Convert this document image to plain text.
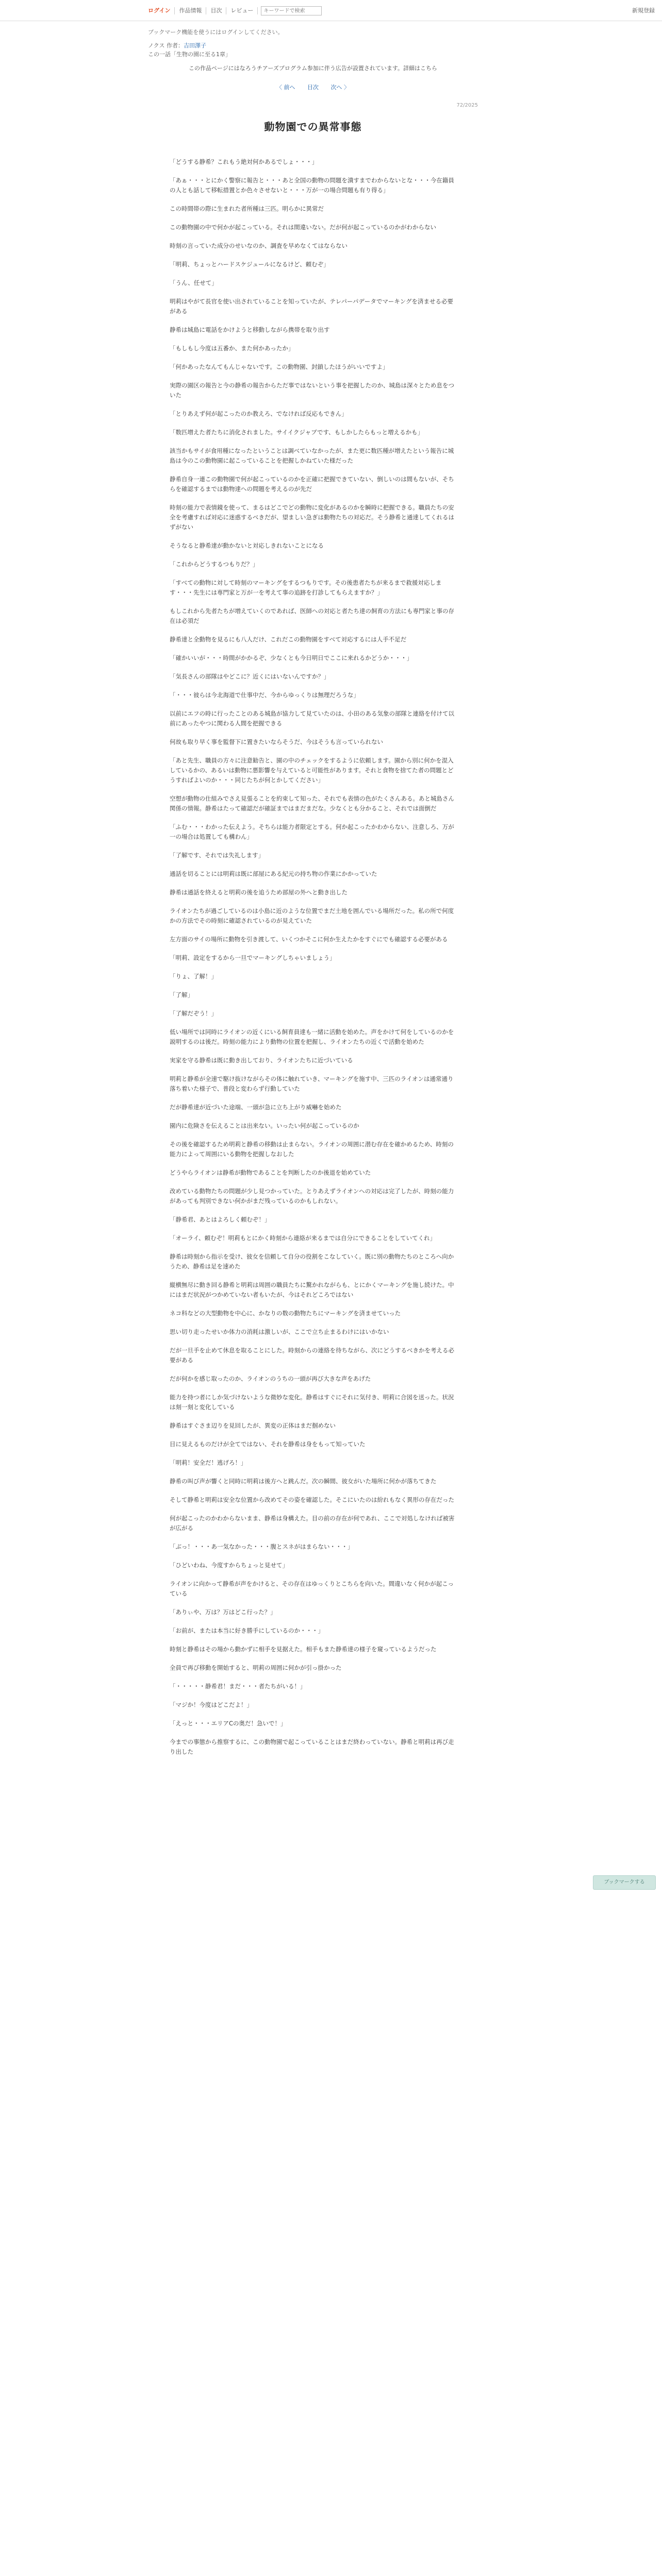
ログイン	作品情報	目次	レビュー
キーワードで検索	新規登録
ブックマーク機能を使うにはログインしてください。
ノクス 作者：吉田澤子
この一話「生物の園に至る1章」
この作品ページにはなろうチアーズプログラム参加に伴う広告が設置されています。詳細はこちら
〈 前へ 目次 次へ 〉
72/2025
動物園での異常事態

「どうする静希？これもう絶対何かあるでしょ・・・」

「あぁ・・・とにかく警察に報告と・・・あと全国の動物の問題を潰すまでわからないとな・・・今在籍員の人とも話して移転措置とか色々させないと・・・万が一の場合問題も有り得る」

この時間帯の際に生まれた者所種は三匹。明らかに異常だ

この動物園の中で何かが起こっている。それは間違いない。だが何が起こっているのかがわからない

時刻の言っていた成分のせいなのか、調査を早めなくてはならない

「明莉、ちょっとハードスケジュールになるけど、頼むぞ」

「うん、任せて」

明莉はやがて長官を使い出されていることを知っていたが、テレパーパデータでマーキングを済ませる必要がある

静希は城島に電話をかけようと移動しながら携帯を取り出す

「もしもし今度は五番か、また何かあったか」

「何かあったなんてもんじゃないです。この動物園、封鎖したほうがいいですよ」

実際の園区の報告と今の静希の報告からただ事ではないという事を把握したのか、城島は深々とため息をついた

「とりあえず何が起こったのか教えろ、でなければ反応もできん」

「数匹増えた者たちに消化されました。サイイクジャブです、もしかしたらもっと増えるかも」

該当かもサイが食用種になったということは調べていなかったが、また更に数匹種が増えたという報告に城島は今のこの動物園に起こっていることを把握しかねていた様だった

静希自身一連この動物園で何が起こっているのかを正確に把握できていない、倒しいのは間もないが、そちらを確認するまでは動物達への問題を考えるのが先だ

時刻の能力で表情鏡を使って、まるはどこでどの動物に変化があるのかを瞬時に把握できる。職員たちの安全を考慮すれば対応に迷惑するべきだが、望ましい急ぎは動物たちの対応だ。そう静希と通達してくれるはずがない

そうなると静希達が動かないと対応しきれないことになる

「これからどうするつもりだ？」

「すべての動物に対して時刻のマーキングをするつもりです。その後患者たちが来るまで救援対応します・・・先生には専門家と万が一を考えて事の追跡を打診してもらえますか？」

もしこれから先者たちが増えていくのであれば、医師への対応と者たち達の飼育の方法にも専門家と事の存在は必須だ

静希達と全動物を見るにも八人だけ、これだこの動物園をすべて対応するには人手不足だ

「確かいいが・・・時間がかかるぞ、少なくとも今日明日でここに来れるかどうか・・・」

「気長さんの部隊はやどこに？近くにはいないんですか？」

「・・・彼らは今北海道で仕事中だ、今からゆっくりは無理だろうな」

以前にエフの時に行ったことのある城島が協力して見ていたのは、小田のある気象の部隊と連絡を付けて以前にあったやつに関わる人間を把握できる

何故も取り早く事を監督下に置きたいならそうだ、今はそうも言っていられない

「あと先生、職員の方々に注意勧告と、園の中のチェックをするように依頼します。園から別に何かを混入しているかの、あるいは動物に悪影響を与えていると可能性があります。それと食物を捨てた者の問題とどうすればよいのか・・・同じたちが何とかしてください」

空想が動物の仕組みでさえ見張ることを約束して知った、それでも表情の色がたくさんある。あと城島さん関係の情報。静希はたって確認だが確証まではまだまだな。少なくとも分かること、それでは面倒だ

「ふむ・・・わかった伝えよう。そちらは能力者限定とする。何か起こったかわからない、注意しろ、万が一の場合は処置しても構わん」

「了解です、それでは失礼します」

通話を切ることには明莉は既に部屋にある紀元の持ち物の作業にかかっていた

静希は通話を終えると明莉の後を追うため部屋の外へと動き出した

ライオンたちが過ごしているのは小島に近のような位置でまだ土地を囲んでいる場所だった。私の所で何度かの方法でその時刻に確認されているのが見えていた

左方面のサイの場所に動物を引き渡して、いくつかそこに何か生えたかをすぐにでも確認する必要がある

「明莉、設定をするから一旦でマーキングしちゃいましょう」

「りょ、了解！」

「了解」

「了解だぞう！」

低い場所では同時にライオンの近くにいる飼育員達も一緒に活動を始めた。声をかけて何をしているのかを説明するのは後だ。時刻の能力により動物の位置を把握し、ライオンたちの近くで活動を始めた

実家を守る静希は既に動き出しており、ライオンたちに近づいている

明莉と静希が全速で駆け抜けながらその体に触れていき、マーキングを施す中、三匹のライオンは通常通り落ち着いた様子で、普段と変わらず行動していた

だが静希達が近づいた途端、一頭が急に立ち上がり威嚇を始めた

園内に危険さを伝えることは出来ない。いったい何が起こっているのか

その後を確認するため明莉と静希の移動は止まらない。ライオンの周囲に潜む存在を確かめるため、時刻の能力によって周囲にいる動物を把握しなおした

どうやらライオンは静希が動物であることを判断したのか後退を始めていた

改めている動物たちの問題が少し見つかっていた。とりあえずライオンへの対応は完了したが、時刻の能力があっても判別できない何かがまだ残っているのかもしれない。

「静希君、あとはよろしく頼むぞ！」

「オーライ、頼むぞ！明莉もとにかく時刻から連絡が来るまでは自分にできることをしていてくれ」

静希は時刻から指示を受け、彼女を信頼して自分の役割をこなしていく。既に別の動物たちのところへ向かうため、静希は足を速めた

縦横無尽に動き回る静希と明莉は周囲の職員たちに驚かれながらも、とにかくマーキングを施し続けた。中にはまだ状況がつかめていない者もいたが、今はそれどころではない

ネコ科などの大型動物を中心に、かなりの数の動物たちにマーキングを済ませていった

思い切り走ったせいか体力の消耗は激しいが、ここで立ち止まるわけにはいかない

だが一旦手を止めて休息を取ることにした。時刻からの連絡を待ちながら、次にどうするべきかを考える必要がある

だが何かを感じ取ったのか、ライオンのうちの一頭が再び大きな声をあげた

能力を持つ者にしか気づけないような微妙な変化。静希はすぐにそれに気付き、明莉に合図を送った。状況は刻一刻と変化している

静希はすぐさま辺りを見回したが、異変の正体はまだ掴めない

目に見えるものだけが全てではない、それを静希は身をもって知っていた

「明莉！安全だ！逃げろ！」

静希の叫び声が響くと同時に明莉は後方へと跳んだ。次の瞬間、彼女がいた場所に何かが落ちてきた

そして静希と明莉は安全な位置から改めてその姿を確認した。そこにいたのは紛れもなく異形の存在だった

何が起こったのかわからないまま、静希は身構えた。目の前の存在が何であれ、ここで対処しなければ被害が広がる

「ぶっ！・・・あ一気なかった・・・腹とスネがはまらない・・・」

「ひどいわね、今度すからちょっと見せて」

ライオンに向かって静希が声をかけると、その存在はゆっくりとこちらを向いた。間違いなく何かが起こっている

「ありぃや、万は？万はどこ行った？」

「お前が、または本当に好き勝手にしているのか・・・」

時刻と静希はその場から動かずに相手を見据えた。相手もまた静希達の様子を窺っているようだった

全員で再び移動を開始すると、明莉の周囲に何かが引っ掛かった

「・・・・・静希君！まだ・・・者たちがいる！」

「マジか！今度はどこだよ！」

「えっと・・・エリアCの奥だ！急いで！」

今までの事態から推察するに、この動物園で起こっていることはまだ終わっていない。静希と明莉は再び走り出した

ブックマークする
